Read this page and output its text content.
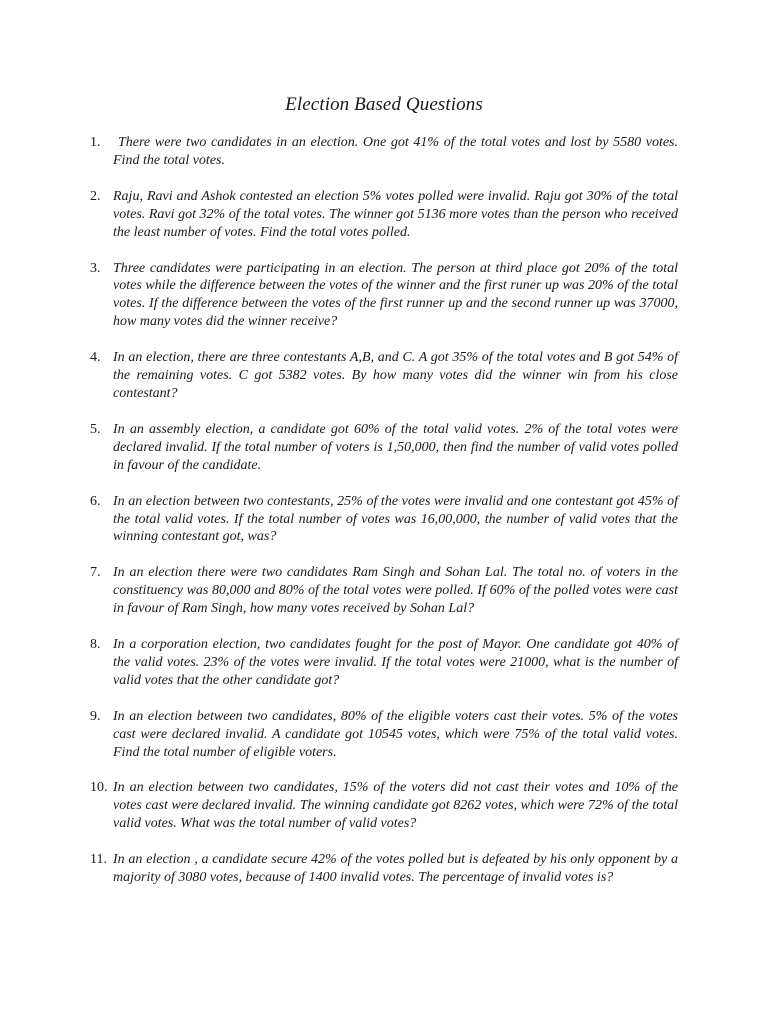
Election Based Questions
1.	There were two candidates in an election. One got 41% of the total votes and lost by 5580 votes. Find the total votes.
2. Raju, Ravi and Ashok contested an election 5% votes polled were invalid. Raju got 30% of the total votes. Ravi got 32% of the total votes. The winner got 5136 more votes than the person who received the least number of votes. Find the total votes polled.
3. Three candidates were participating in an election. The person at third place got 20% of the total votes while the difference between the votes of the winner and the first runer up was 20% of the total votes. If the difference between the votes of the first runner up and the second runner up was 37000, how many votes did the winner receive?
4. In an election, there are three contestants A,B, and C. A got 35% of the total votes and B got 54% of the remaining votes. C got 5382 votes. By how many votes did the winner win from his close contestant?
5. In an assembly election, a candidate got 60% of the total valid votes. 2% of the total votes were declared invalid. If the total number of voters is 1,50,000, then find the number of valid votes polled in favour of the candidate.
6. In an election between two contestants, 25% of the votes were invalid and one contestant got 45% of the total valid votes. If the total number of votes was 16,00,000, the number of valid votes that the winning contestant got, was?
7. In an election there were two candidates Ram Singh and Sohan Lal. The total no. of voters in the constituency was 80,000 and 80% of the total votes were polled. If 60% of the polled votes were cast in favour of Ram Singh, how many votes received by Sohan Lal?
8. In a corporation election, two candidates fought for the post of Mayor. One candidate got 40% of the valid votes. 23% of the votes were invalid. If the total votes were 21000, what is the number of valid votes that the other candidate got?
9. In an election between two candidates, 80% of the eligible voters cast their votes. 5% of the votes cast were declared invalid. A candidate got 10545 votes, which were 75% of the total valid votes. Find the total number of eligible voters.
10. In an election between two candidates, 15% of the voters did not cast their votes and 10% of the votes cast were declared invalid. The winning candidate got 8262 votes, which were 72% of the total valid votes. What was the total number of valid votes?
11. In an election , a candidate secure 42% of the votes polled but is defeated by his only opponent by a majority of 3080 votes, because of 1400 invalid votes. The percentage of invalid votes is?
